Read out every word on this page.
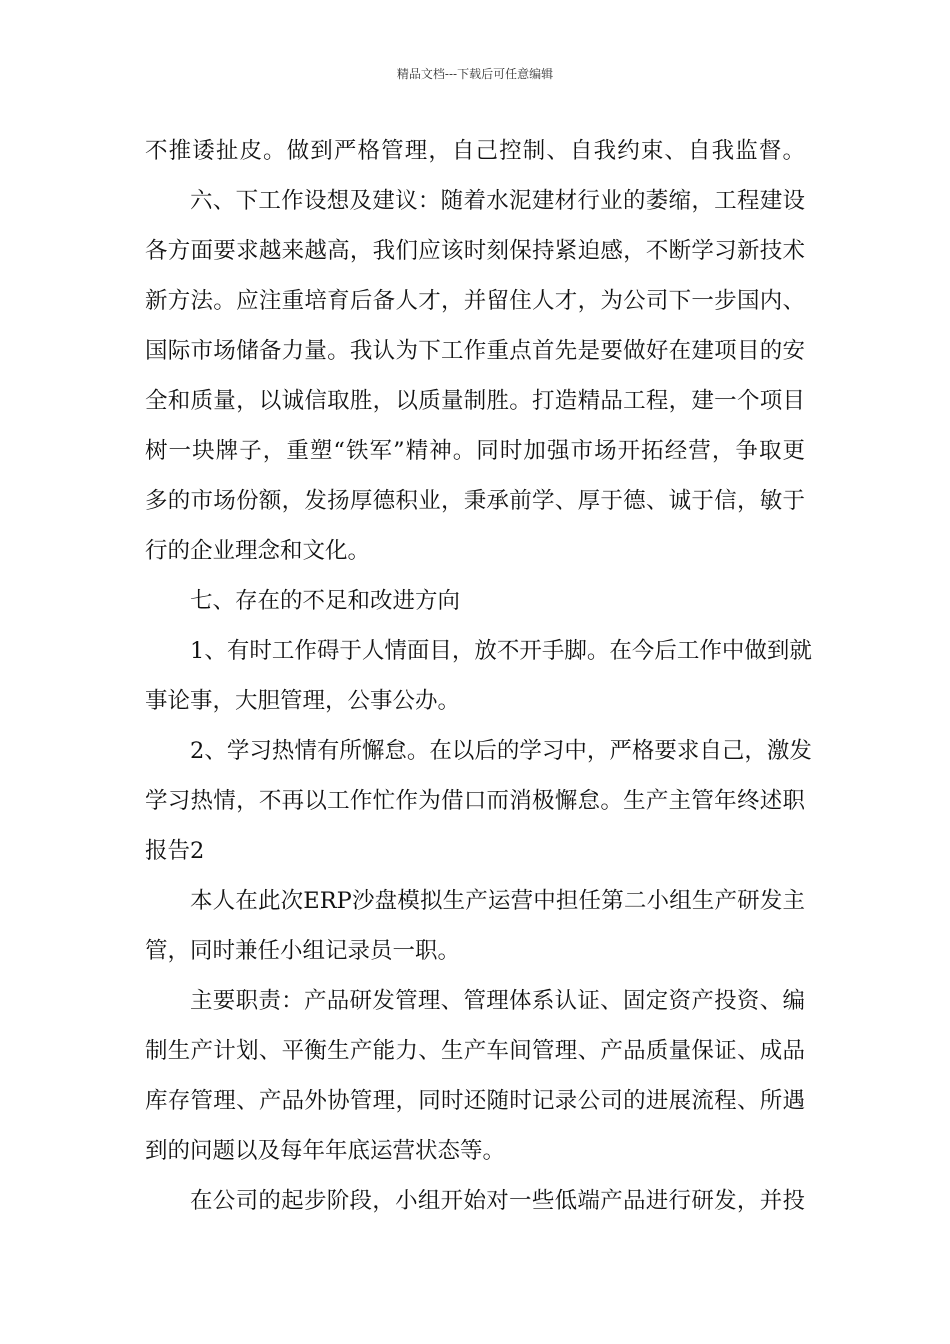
精品文档---下载后可任意编辑
不推诿扯皮。做到严格管理，自己控制、自我约束、自我监督。
六、下工作设想及建议：随着水泥建材行业的萎缩，工程建设
各方面要求越来越高，我们应该时刻保持紧迫感，不断学习新技术
新方法。应注重培育后备人才，并留住人才，为公司下一步国内、
国际市场储备力量。我认为下工作重点首先是要做好在建项目的安
全和质量，以诚信取胜，以质量制胜。打造精品工程，建一个项目
树一块牌子，重塑“铁军”精神。同时加强市场开拓经营，争取更
多的市场份额，发扬厚德积业，秉承前学、厚于德、诚于信，敏于
行的企业理念和文化。
七、存在的不足和改进方向
1、有时工作碍于人情面目，放不开手脚。在今后工作中做到就
事论事，大胆管理，公事公办。
2、学习热情有所懈怠。在以后的学习中，严格要求自己，激发
学习热情，不再以工作忙作为借口而消极懈怠。生产主管年终述职
报告2
本人在此次ERP沙盘模拟生产运营中担任第二小组生产研发主
管，同时兼任小组记录员一职。
主要职责：产品研发管理、管理体系认证、固定资产投资、编
制生产计划、平衡生产能力、生产车间管理、产品质量保证、成品
库存管理、产品外协管理，同时还随时记录公司的进展流程、所遇
到的问题以及每年年底运营状态等。
在公司的起步阶段，小组开始对一些低端产品进行研发，并投
